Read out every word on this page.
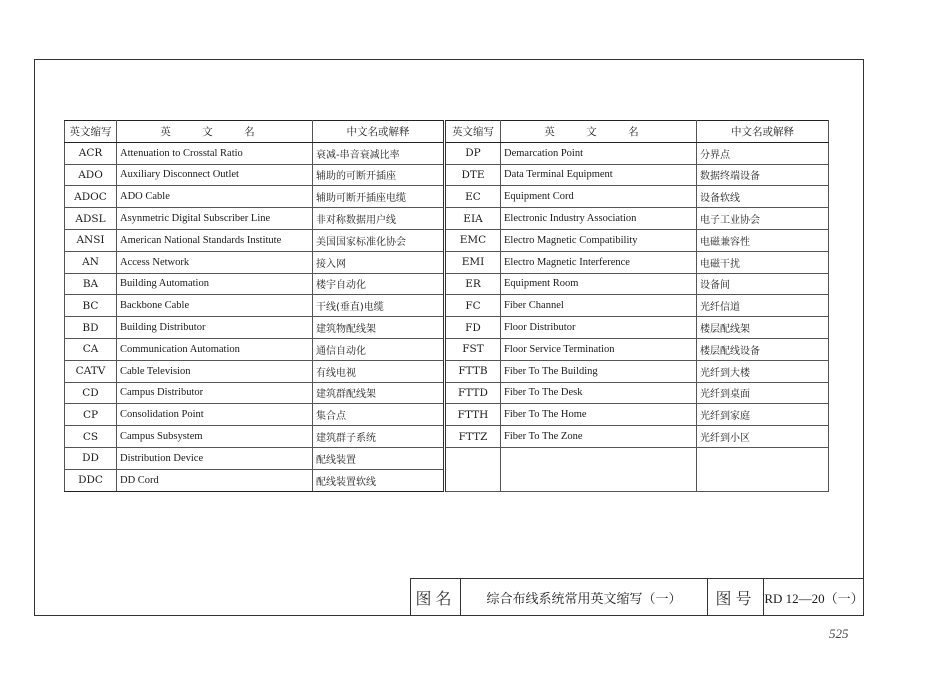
英文缩写	英 文 名	中文名或解释	英文缩写	英 文 名	中文名或解释
ACR	Attenuation to Crosstal Ratio	衰减-串音衰减比率	DP	Demarcation Point	分界点
ADO	Auxiliary Disconnect Outlet	辅助的可断开插座	DTE	Data Terminal Equipment	数据终端设备
ADOC	ADO Cable	辅助可断开插座电缆	EC	Equipment Cord	设备软线
ADSL	Asynmetric Digital Subscriber Line	非对称数据用户线	EIA	Electronic Industry Association	电子工业协会
ANSI	American National Standards Institute	美国国家标准化协会	EMC	Electro Magnetic Compatibility	电磁兼容性
AN	Access Network	接入网	EMI	Electro Magnetic Interference	电磁干扰
BA	Building Automation	楼宇自动化	ER	Equipment Room	设备间
BC	Backbone Cable	干线(垂直)电缆	FC	Fiber Channel	光纤信道
BD	Building Distributor	建筑物配线架	FD	Floor Distributor	楼层配线架
CA	Communication Automation	通信自动化	FST	Floor Service Termination	楼层配线设备
CATV	Cable Television	有线电视	FTTB	Fiber To The Building	光纤到大楼
CD	Campus Distributor	建筑群配线架	FTTD	Fiber To The Desk	光纤到桌面
CP	Consolidation Point	集合点	FTTH	Fiber To The Home	光纤到家庭
CS	Campus Subsystem	建筑群子系统	FTTZ	Fiber To The Zone	光纤到小区
DD	Distribution Device	配线装置			
DDC	DD Cord	配线装置软线			
图名	综合布线系统常用英文缩写（一）	图号 RD 12—20（一）
525
